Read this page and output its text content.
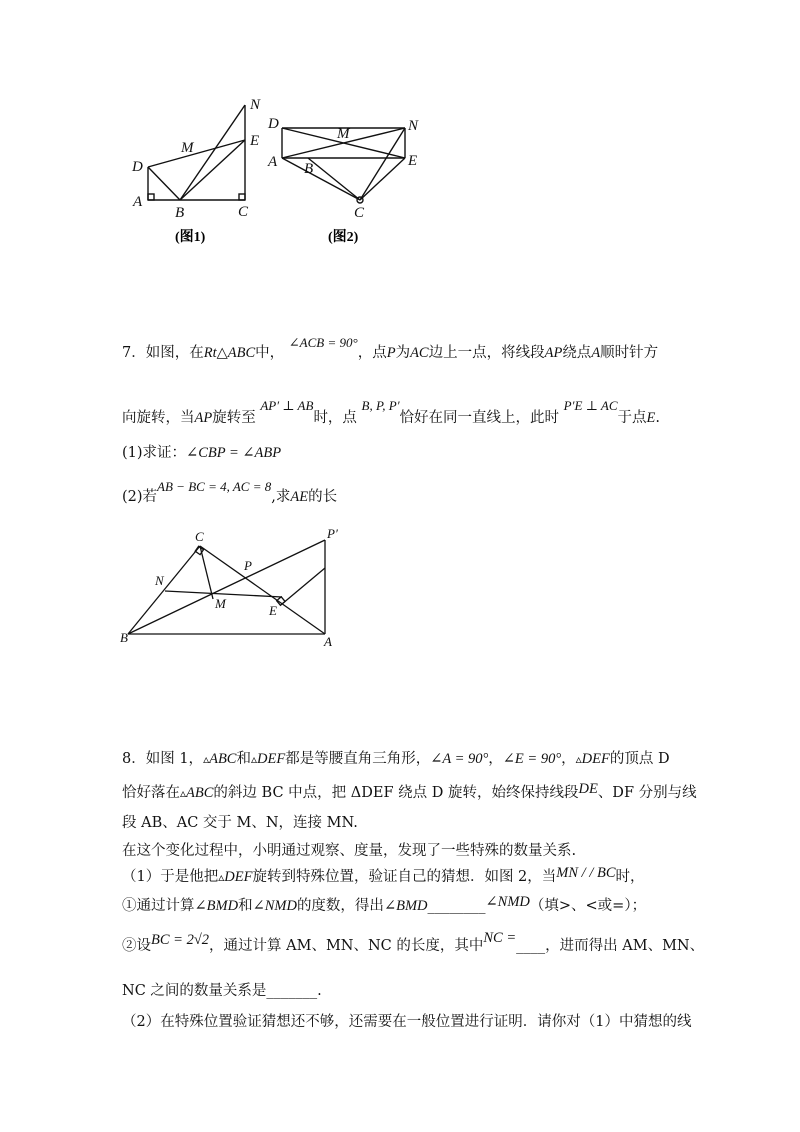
N
M	E
D
A
B	C
(图1)
D
M	N
A B	E
C
(图2)
7．如图，在Rt△ABC中， ∠ACB = 90°，点P为AC边上一点，将线段AP绕点A顺时针方
向旋转，当AP旋转至 AP′ ⊥ AB时，点 B, P, P′恰好在同一直线上，此时 P′E ⊥ AC于点E.
(1)求证：∠CBP = ∠ABP
(2)若AB − BC = 4, AC = 8,求AE的长
C	P′
N
P
M	E
B	A
8．如图 1，▵ABC和▵DEF都是等腰直角三角形，∠A = 90°，∠E = 90°，▵DEF的顶点 D
恰好落在▵ABC的斜边 BC 中点，把 ΔDEF 绕点 D 旋转，始终保持线段DE、DF 分别与线
段 AB、AC 交于 M、N，连接 MN.
在这个变化过程中，小明通过观察、度量，发现了一些特殊的数量关系.
（1）于是他把▵DEF旋转到特殊位置，验证自己的猜想．如图 2，当MN / / BC时，
①通过计算∠BMD和∠NMD的度数，得出∠BMD________∠NMD（填>、<或=）；
②设BC = 2√2，通过计算 AM、MN、NC 的长度，其中NC =____，进而得出 AM、MN、
NC 之间的数量关系是_______.
（2）在特殊位置验证猜想还不够，还需要在一般位置进行证明．请你对（1）中猜想的线
